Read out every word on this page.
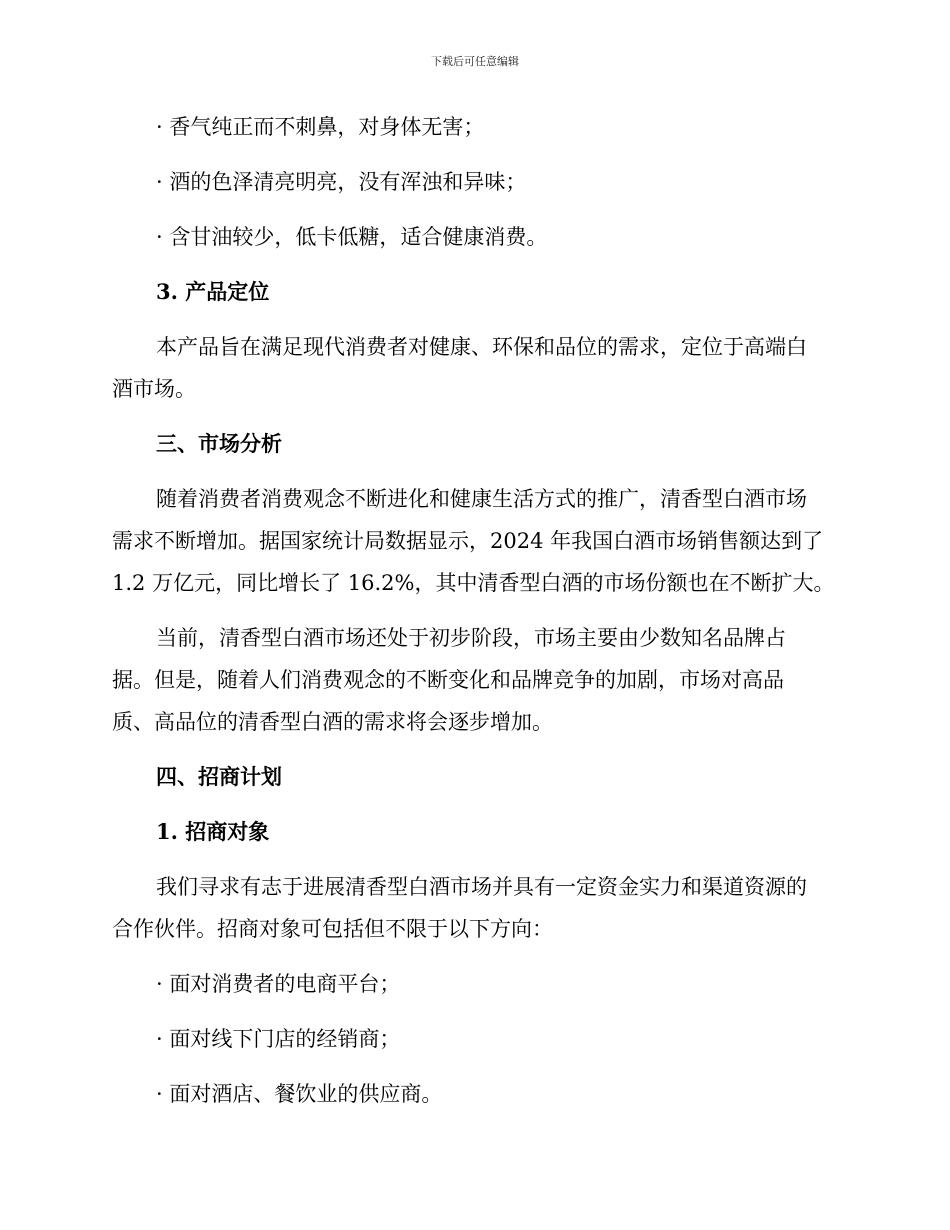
下载后可任意编辑
· 香气纯正而不刺鼻，对身体无害；
· 酒的色泽清亮明亮，没有浑浊和异味；
· 含甘油较少，低卡低糖，适合健康消费。
3. 产品定位
本产品旨在满足现代消费者对健康、环保和品位的需求，定位于高端白
酒市场。
三、市场分析
随着消费者消费观念不断进化和健康生活方式的推广，清香型白酒市场
需求不断增加。据国家统计局数据显示，2024 年我国白酒市场销售额达到了
1.2 万亿元，同比增长了 16.2%，其中清香型白酒的市场份额也在不断扩大。
当前，清香型白酒市场还处于初步阶段，市场主要由少数知名品牌占
据。但是，随着人们消费观念的不断变化和品牌竞争的加剧，市场对高品
质、高品位的清香型白酒的需求将会逐步增加。
四、招商计划
1. 招商对象
我们寻求有志于进展清香型白酒市场并具有一定资金实力和渠道资源的
合作伙伴。招商对象可包括但不限于以下方向：
· 面对消费者的电商平台；
· 面对线下门店的经销商；
· 面对酒店、餐饮业的供应商。
